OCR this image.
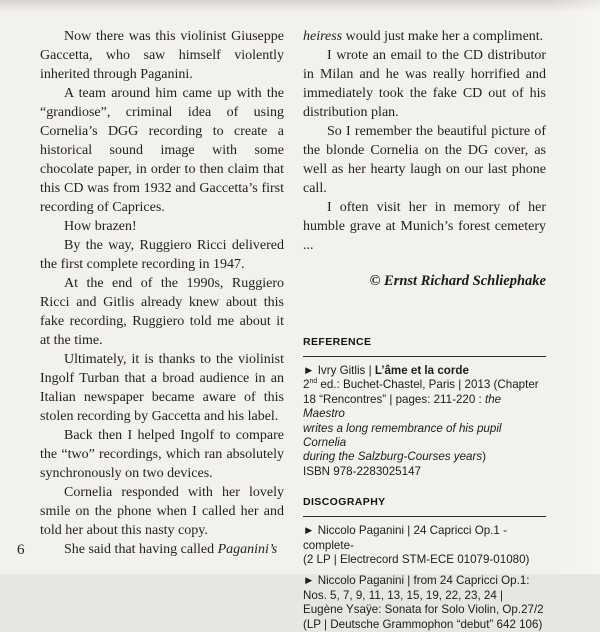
Now there was this violinist Giuseppe Gaccetta, who saw himself violently inherited through Paganini.

A team around him came up with the “grandiose”, criminal idea of using Cornelia’s DGG recording to create a historical sound image with some chocolate paper, in order to then claim that this CD was from 1932 and Gaccetta’s first recording of Caprices.

How brazen!

By the way, Ruggiero Ricci delivered the first complete recording in 1947.

At the end of the 1990s, Ruggiero Ricci and Gitlis already knew about this fake recording, Ruggiero told me about it at the time.

Ultimately, it is thanks to the violinist Ingolf Turban that a broad audience in an Italian newspaper became aware of this stolen recording by Gaccetta and his label.

Back then I helped Ingolf to compare the “two” recordings, which ran absolutely synchronously on two devices.

Cornelia responded with her lovely smile on the phone when I called her and told her about this nasty copy.

She said that having called Paganini’s

heiress would just make her a compliment.

I wrote an email to the CD distributor in Milan and he was really horrified and immediately took the fake CD out of his distribution plan.

So I remember the beautiful picture of the blonde Cornelia on the DG cover, as well as her hearty laugh on our last phone call.

I often visit her in memory of her humble grave at Munich’s forest cemetery ...

© Ernst Richard Schliephake
REFERENCE
► Ivry Gitlis | L’âme et la corde
2nd ed.: Buchet-Chastel, Paris | 2013 (Chapter
18 “Rencontres” | pages: 211-220 : the Maestro
writes a long remembrance of his pupil Cornelia
during the Salzburg-Courses years)
ISBN 978-2283025147
DISCOGRAPHY
► Niccolo Paganini | 24 Capricci Op.1 -complete-
(2 LP | Electrecord STM-ECE 01079-01080)
► Niccolo Paganini | from 24 Capricci Op.1:
Nos. 5, 7, 9, 11, 13, 15, 19, 22, 23, 24 |
Eugène Ysaÿe: Sonata for Solo Violin, Op.27/2
(LP | Deutsche Grammophon “debut” 642 106)
6
